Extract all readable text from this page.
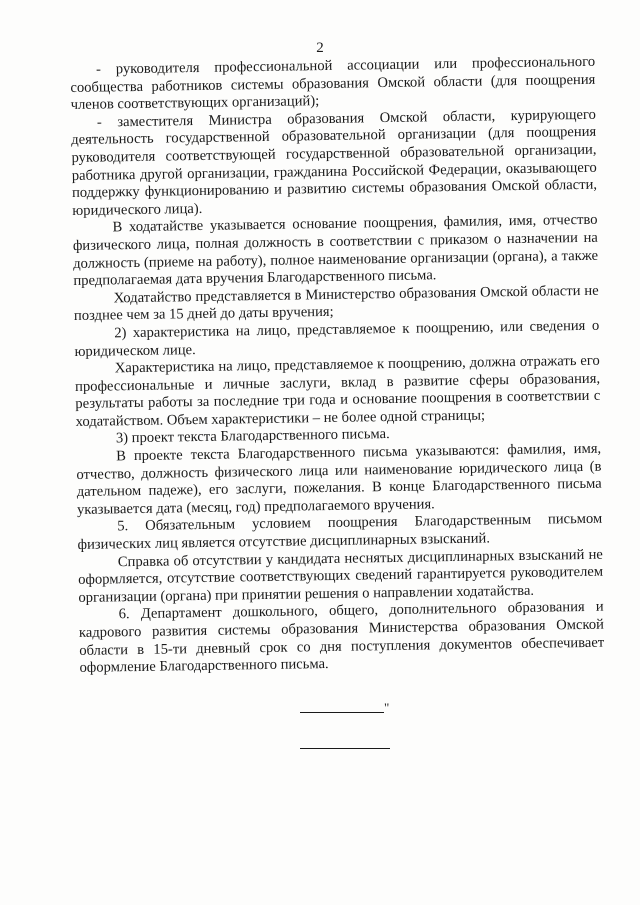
2

- руководителя профессиональной ассоциации или профессионального сообщества работников системы образования Омской области (для поощрения членов соответствующих организаций);

- заместителя Министра образования Омской области, курирующего деятельность государственной образовательной организации (для поощрения руководителя соответствующей государственной образовательной организации, работника другой организации, гражданина Российской Федерации, оказывающего поддержку функционированию и развитию системы образования Омской области, юридического лица).

В ходатайстве указывается основание поощрения, фамилия, имя, отчество физического лица, полная должность в соответствии с приказом о назначении на должность (приеме на работу), полное наименование организации (органа), а также предполагаемая дата вручения Благодарственного письма.

Ходатайство представляется в Министерство образования Омской области не позднее чем за 15 дней до даты вручения;

2) характеристика на лицо, представляемое к поощрению, или сведения о юридическом лице.

Характеристика на лицо, представляемое к поощрению, должна отражать его профессиональные и личные заслуги, вклад в развитие сферы образования, результаты работы за последние три года и основание поощрения в соответствии с ходатайством. Объем характеристики – не более одной страницы;

3) проект текста Благодарственного письма.

В проекте текста Благодарственного письма указываются: фамилия, имя, отчество, должность физического лица или наименование юридического лица (в дательном падеже), его заслуги, пожелания. В конце Благодарственного письма указывается дата (месяц, год) предполагаемого вручения.

5. Обязательным условием поощрения Благодарственным письмом физических лиц является отсутствие дисциплинарных взысканий.

Справка об отсутствии у кандидата неснятых дисциплинарных взысканий не оформляется, отсутствие соответствующих сведений гарантируется руководителем организации (органа) при принятии решения о направлении ходатайства.

6. Департамент дошкольного, общего, дополнительного образования и кадрового развития системы образования Министерства образования Омской области в 15-ти дневный срок со дня поступления документов обеспечивает оформление Благодарственного письма.

"
